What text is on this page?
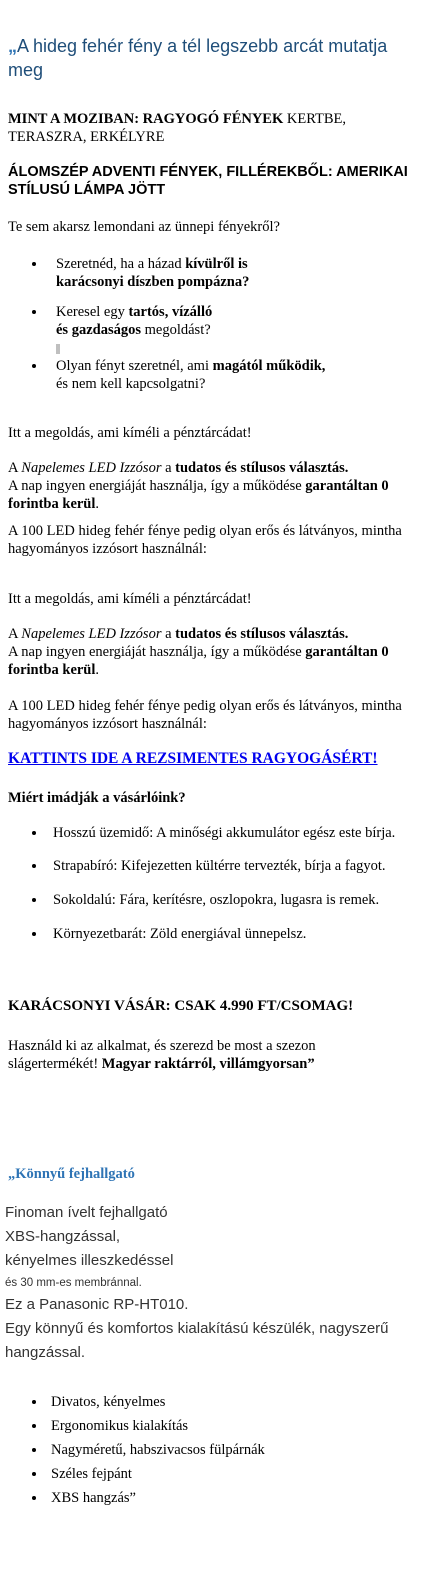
„A hideg fehér fény a tél legszebb arcát mutatja meg
MINT A MOZIBAN: RAGYOGÓ FÉNYEK KERTBE, TERASZRA, ERKÉLYRE
ÁLOMSZÉP ADVENTI FÉNYEK, FILLÉREKBŐL: AMERIKAI STÍLUSÚ LÁMPA JÖTT
Te sem akarsz lemondani az ünnepi fényekről?
Szeretnéd, ha a házad kívülről is
karácsonyi díszben pompázna?
Keresel egy tartós, vízálló
és gazdaságos megoldást?

Olyan fényt szeretnél, ami magától működik,
és nem kell kapcsolgatni?
Itt a megoldás, ami kíméli a pénztárcádat!
A Napelemes LED Izzósor a tudatos és stílusos választás.
A nap ingyen energiáját használja, így a működése garantáltan 0 forintba kerül.
A 100 LED hideg fehér fénye pedig olyan erős és látványos, mintha hagyományos izzósort használnál:
Itt a megoldás, ami kíméli a pénztárcádat!
A Napelemes LED Izzósor a tudatos és stílusos választás.
A nap ingyen energiáját használja, így a működése garantáltan 0 forintba kerül.
A 100 LED hideg fehér fénye pedig olyan erős és látványos, mintha hagyományos izzósort használnál:
KATTINTS IDE A REZSIMENTES RAGYOGÁSÉRT!
Miért imádják a vásárlóink?
Hosszú üzemidő: A minőségi akkumulátor egész este bírja.
Strapabíró: Kifejezetten kültérre tervezték, bírja a fagyot.
Sokoldalú: Fára, kerítésre, oszlopokra, lugasra is remek.
Környezetbarát: Zöld energiával ünnepelsz.
KARÁCSONYI VÁSÁR: CSAK 4.990 FT/CSOMAG!
Használd ki az alkalmat, és szerezd be most a szezon slágertermékét! Magyar raktárról, villámgyorsan”
„Könnyű fejhallgató
Finoman ívelt fejhallgató
XBS-hangzással,
kényelmes illeszkedéssel
és 30 mm-es membránnal.
Ez a Panasonic RP-HT010.
Egy könnyű és komfortos kialakítású készülék, nagyszerű hangzással.
Divatos, kényelmes
Ergonomikus kialakítás
Nagyméretű, habszivacsos fülpárnák
Széles fejpánt
XBS hangzás”
